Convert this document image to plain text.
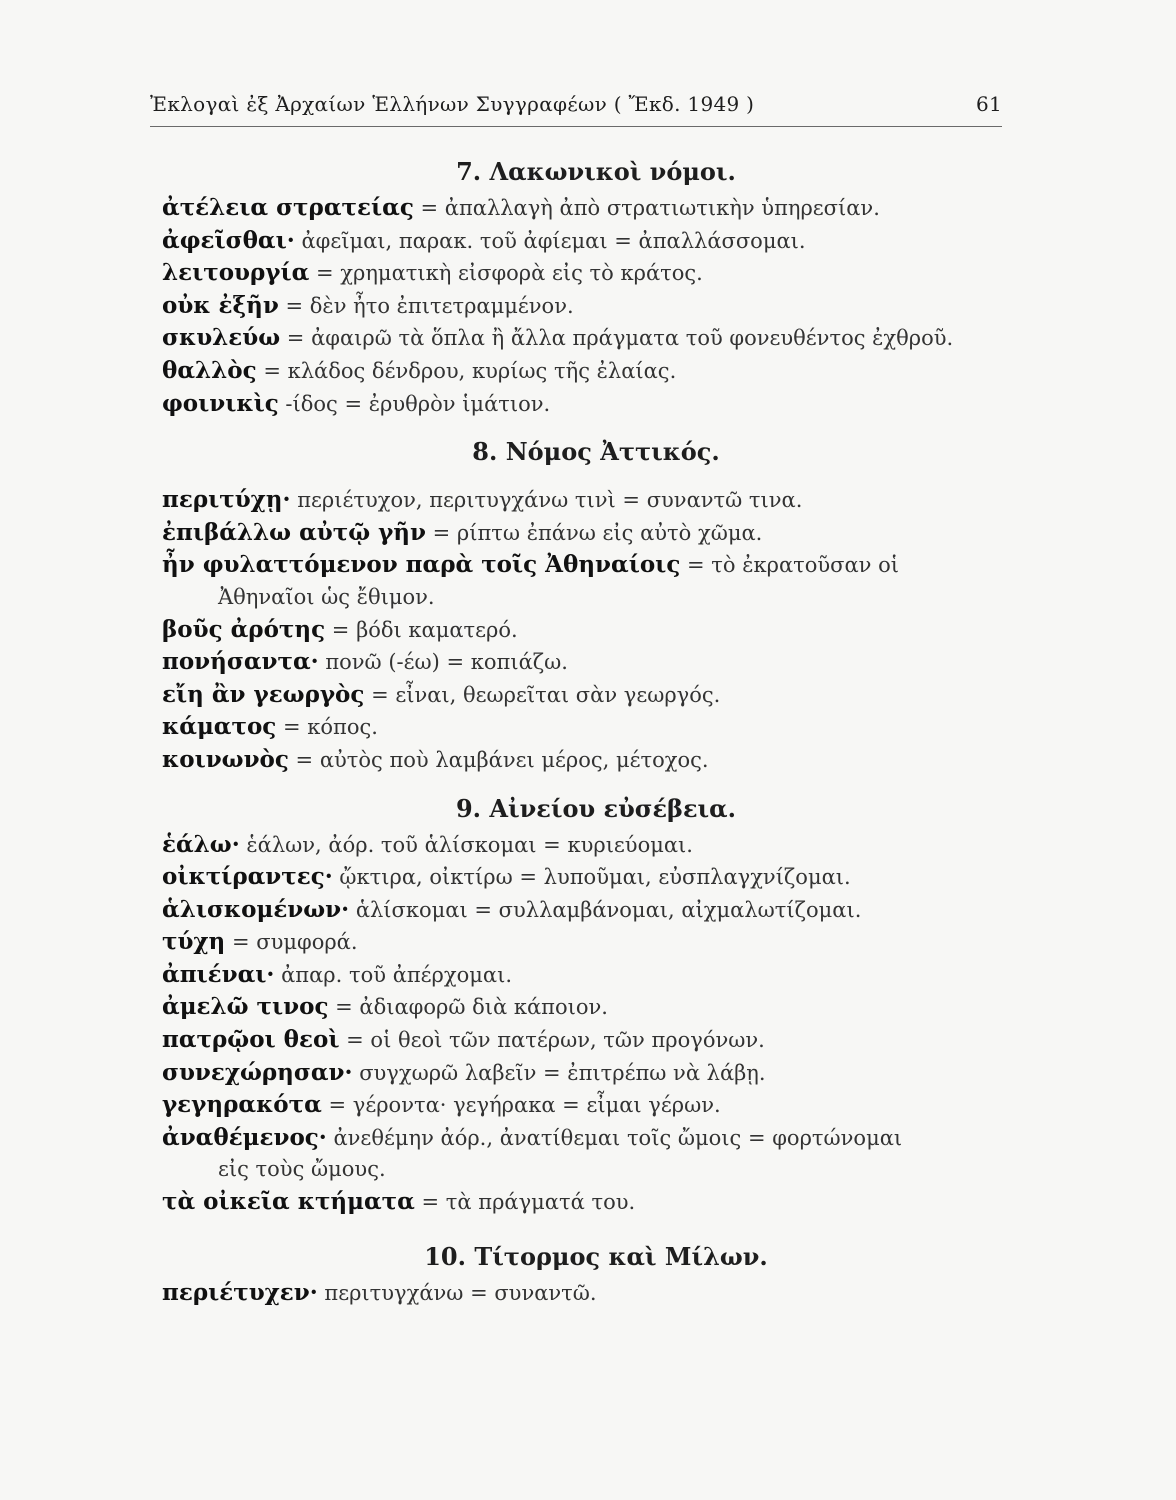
Ἐκλογαὶ ἐξ Ἀρχαίων Ἑλλήνων Συγγραφέων ( Ἔκδ. 1949 )	61
7. Λακωνικοὶ νόμοι.
ἀτέλεια στρατείας = ἀπαλλαγὴ ἀπὸ στρατιωτικὴν ὑπηρεσίαν.
ἀφεῖσθαι· ἀφεῖμαι, παρακ. τοῦ ἀφίεμαι = ἀπαλλάσσομαι.
λειτουργία = χρηματικὴ εἰσφορὰ εἰς τὸ κράτος.
οὐκ ἐξῆν = δὲν ἦτο ἐπιτετραμμένον.
σκυλεύω = ἀφαιρῶ τὰ ὅπλα ἢ ἄλλα πράγματα τοῦ φονευθέντος ἐχθροῦ.
θαλλὸς = κλάδος δένδρου, κυρίως τῆς ἐλαίας.
φοινικὶς -ίδος = ἐρυθρὸν ἱμάτιον.
8. Νόμος Ἀττικός.
περιτύχῃ· περιέτυχον, περιτυγχάνω τινὶ = συναντῶ τινα.
ἐπιβάλλω αὐτῷ γῆν = ρίπτω ἐπάνω εἰς αὐτὸ χῶμα.
ἦν φυλαττόμενον παρὰ τοῖς Ἀθηναίοις = τὸ ἐκρατοῦσαν οἱ
Ἀθηναῖοι ὡς ἔθιμον.
βοῦς ἀρότης = βόδι καματερό.
πονήσαντα· πονῶ (-έω) = κοπιάζω.
εἴη ἂν γεωργὸς = εἶναι, θεωρεῖται σὰν γεωργός.
κάματος = κόπος.
κοινωνὸς = αὐτὸς ποὺ λαμβάνει μέρος, μέτοχος.
9. Αἰνείου εὐσέβεια.
ἑάλω· ἑάλων, ἀόρ. τοῦ ἁλίσκομαι = κυριεύομαι.
οἰκτίραντες· ᾤκτιρα, οἰκτίρω = λυποῦμαι, εὐσπλαγχνίζομαι.
ἁλισκομένων· ἁλίσκομαι = συλλαμβάνομαι, αἰχμαλωτίζομαι.
τύχη = συμφορά.
ἀπιέναι· ἀπαρ. τοῦ ἀπέρχομαι.
ἀμελῶ τινος = ἀδιαφορῶ διὰ κάποιον.
πατρῷοι θεοὶ = οἱ θεοὶ τῶν πατέρων, τῶν προγόνων.
συνεχώρησαν· συγχωρῶ λαβεῖν = ἐπιτρέπω νὰ λάβῃ.
γεγηρακότα = γέροντα· γεγήρακα = εἶμαι γέρων.
ἀναθέμενος· ἀνεθέμην ἀόρ., ἀνατίθεμαι τοῖς ὤμοις = φορτώνομαι
εἰς τοὺς ὤμους.
τὰ οἰκεῖα κτήματα = τὰ πράγματά του.
10. Τίτορμος καὶ Μίλων.
περιέτυχεν· περιτυγχάνω = συναντῶ.
